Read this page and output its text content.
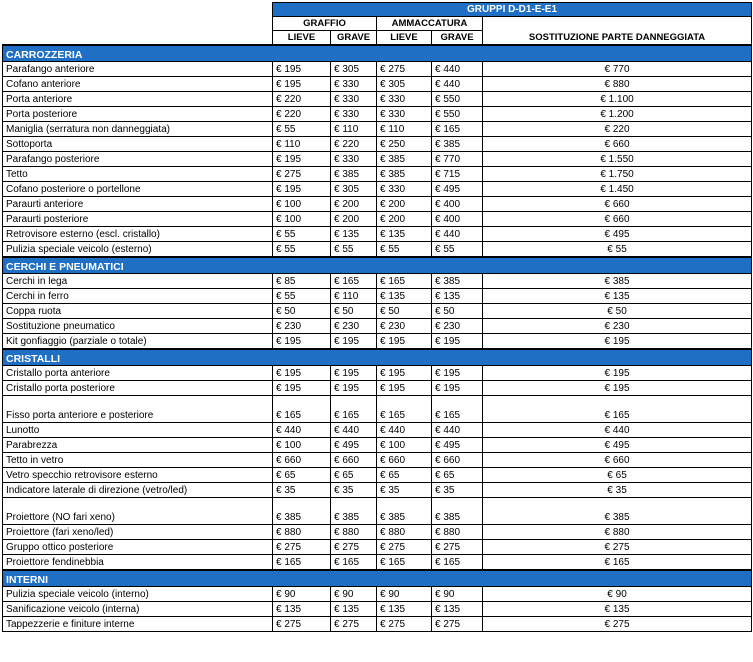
	GRUPPI D-D1-E-E1				
	GRAFFIO		AMMACCATURA		SOSTITUZIONE PARTE DANNEGGIATA
	LIEVE	GRAVE	LIEVE	GRAVE	
CARROZZERIA					
Parafango anteriore	€ 195	€ 305	€ 275	€ 440	€ 770
Cofano anteriore	€ 195	€ 330	€ 305	€ 440	€ 880
Porta anteriore	€ 220	€ 330	€ 330	€ 550	€ 1.100
Porta posteriore	€ 220	€ 330	€ 330	€ 550	€ 1.200
Maniglia (serratura non danneggiata)	€ 55	€ 110	€ 110	€ 165	€ 220
Sottoporta	€ 110	€ 220	€ 250	€ 385	€ 660
Parafango posteriore	€ 195	€ 330	€ 385	€ 770	€ 1.550
Tetto	€ 275	€ 385	€ 385	€ 715	€ 1.750
Cofano posteriore o portellone	€ 195	€ 305	€ 330	€ 495	€ 1.450
Paraurti anteriore	€ 100	€ 200	€ 200	€ 400	€ 660
Paraurti posteriore	€ 100	€ 200	€ 200	€ 400	€ 660
Retrovisore esterno (escl. cristallo)	€ 55	€ 135	€ 135	€ 440	€ 495
Pulizia speciale veicolo (esterno)	€ 55	€ 55	€ 55	€ 55	€ 55
CERCHI E PNEUMATICI					
Cerchi in lega	€ 85	€ 165	€ 165	€ 385	€ 385
Cerchi in ferro	€ 55	€ 110	€ 135	€ 135	€ 135
Coppa ruota	€ 50	€ 50	€ 50	€ 50	€ 50
Sostituzione pneumatico	€ 230	€ 230	€ 230	€ 230	€ 230
Kit gonfiaggio (parziale o totale)	€ 195	€ 195	€ 195	€ 195	€ 195
CRISTALLI					
Cristallo porta anteriore	€ 195	€ 195	€ 195	€ 195	€ 195
Cristallo porta posteriore	€ 195	€ 195	€ 195	€ 195	€ 195
Fisso porta anteriore e posteriore	€ 165	€ 165	€ 165	€ 165	€ 165
Lunotto	€ 440	€ 440	€ 440	€ 440	€ 440
Parabrezza	€ 100	€ 495	€ 100	€ 495	€ 495
Tetto in vetro	€ 660	€ 660	€ 660	€ 660	€ 660
Vetro specchio retrovisore esterno	€ 65	€ 65	€ 65	€ 65	€ 65
Indicatore laterale di direzione (vetro/led)	€ 35	€ 35	€ 35	€ 35	€ 35
Proiettore (NO fari xeno)	€ 385	€ 385	€ 385	€ 385	€ 385
Proiettore (fari xeno/led)	€ 880	€ 880	€ 880	€ 880	€ 880
Gruppo ottico posteriore	€ 275	€ 275	€ 275	€ 275	€ 275
Proiettore fendinebbia	€ 165	€ 165	€ 165	€ 165	€ 165
INTERNI					
Pulizia speciale veicolo (interno)	€ 90	€ 90	€ 90	€ 90	€ 90
Sanificazione veicolo (interna)	€ 135	€ 135	€ 135	€ 135	€ 135
Tappezzerie e finiture interne	€ 275	€ 275	€ 275	€ 275	€ 275
